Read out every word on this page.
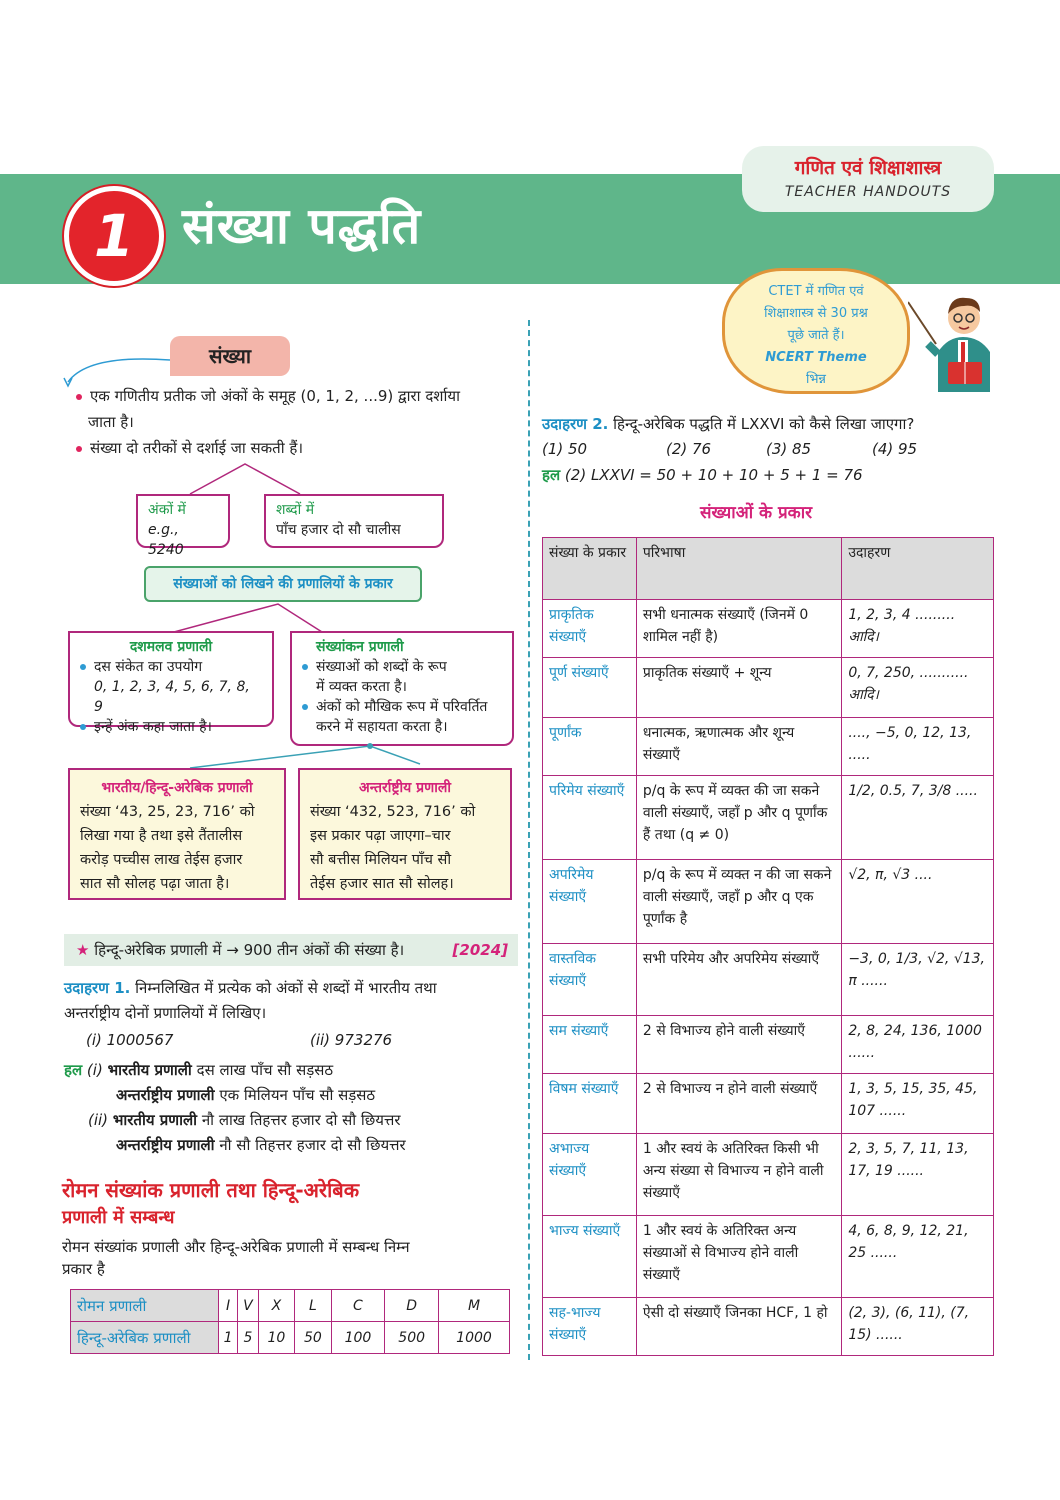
1 संख्या पद्धति
गणित एवं शिक्षाशास्त्र
TEACHER HANDOUTS
CTET में गणित एवं
शिक्षाशास्त्र से 30 प्रश्न
पूछे जाते हैं।
NCERT Theme
भिन्न
संख्या
एक गणितीय प्रतीक जो अंकों के समूह (0, 1, 2, ...9) द्वारा दर्शाया
जाता है।
संख्या दो तरीकों से दर्शाई जा सकती हैं।
अंकों में
e.g., 5240
शब्दों में
पाँच हजार दो सौ चालीस
संख्याओं को लिखने की प्रणालियों के प्रकार
दशमलव प्रणाली
दस संकेत का उपयोग
0, 1, 2, 3, 4, 5, 6, 7, 8, 9
इन्हें अंक कहा जाता है।
संख्यांकन प्रणाली
संख्याओं को शब्दों के रूप
में व्यक्त करता है।
अंकों को मौखिक रूप में परिवर्तित
करने में सहायता करता है।
भारतीय/हिन्दू-अरेबिक प्रणाली
संख्या ‘43, 25, 23, 716’ को
लिखा गया है तथा इसे तैंतालीस
करोड़ पच्चीस लाख तेईस हजार
सात सौ सोलह पढ़ा जाता है।
अन्तर्राष्ट्रीय प्रणाली
संख्या ‘432, 523, 716’ को
इस प्रकार पढ़ा जाएगा–चार
सौ बत्तीस मिलियन पाँच सौ
तेईस हजार सात सौ सोलह।
★ हिन्दू-अरेबिक प्रणाली में → 900 तीन अंकों की संख्या है।	[2024]
उदाहरण 1. निम्नलिखित में प्रत्येक को अंकों से शब्दों में भारतीय तथा
अन्तर्राष्ट्रीय दोनों प्रणालियों में लिखिए।
(i) 1000567	(ii) 973276
हल (i) भारतीय प्रणाली दस लाख पाँच सौ सड़सठ
अन्तर्राष्ट्रीय प्रणाली एक मिलियन पाँच सौ सड़सठ
(ii) भारतीय प्रणाली नौ लाख तिहत्तर हजार दो सौ छियत्तर
अन्तर्राष्ट्रीय प्रणाली नौ सौ तिहत्तर हजार दो सौ छियत्तर
रोमन संख्यांक प्रणाली तथा हिन्दू-अरेबिक
प्रणाली में सम्बन्ध
रोमन संख्यांक प्रणाली और हिन्दू-अरेबिक प्रणाली में सम्बन्ध निम्न
प्रकार है
रोमन प्रणाली	I	V	X	L	C	D	M
हिन्दू-अरेबिक प्रणाली	1	5	10	50	100	500	1000
उदाहरण 2. हिन्दू-अरेबिक पद्धति में LXXVI को कैसे लिखा जाएगा?
(1) 50	(2) 76	(3) 85	(4) 95
हल (2) LXXVI = 50 + 10 + 10 + 5 + 1 = 76
संख्याओं के प्रकार
संख्या के प्रकार	परिभाषा	उदाहरण
प्राकृतिक संख्याएँ	सभी धनात्मक संख्याएँ (जिनमें 0 शामिल नहीं है)	1, 2, 3, 4 ......... आदि।
पूर्ण संख्याएँ	प्राकृतिक संख्याएँ + शून्य	0, 7, 250, ........... आदि।
पूर्णांक	धनात्मक, ऋणात्मक और शून्य संख्याएँ	...., −5, 0, 12, 13, .....
परिमेय संख्याएँ	p/q के रूप में व्यक्त की जा सकने वाली संख्याएँ, जहाँ p और q पूर्णांक हैं तथा (q ≠ 0)	1/2, 0.5, 7, 3/8 .....
अपरिमेय संख्याएँ	p/q के रूप में व्यक्त न की जा सकने वाली संख्याएँ, जहाँ p और q एक पूर्णांक है	√2, π, √3 ....
वास्तविक संख्याएँ	सभी परिमेय और अपरिमेय संख्याएँ	−3, 0, 1/3, √2, √13, π ......
सम संख्याएँ	2 से विभाज्य होने वाली संख्याएँ	2, 8, 24, 136, 1000 ......
विषम संख्याएँ	2 से विभाज्य न होने वाली संख्याएँ	1, 3, 5, 15, 35, 45, 107 ......
अभाज्य संख्याएँ	1 और स्वयं के अतिरिक्त किसी भी अन्य संख्या से विभाज्य न होने वाली संख्याएँ	2, 3, 5, 7, 11, 13, 17, 19 ......
भाज्य संख्याएँ	1 और स्वयं के अतिरिक्त अन्य संख्याओं से विभाज्य होने वाली संख्याएँ	4, 6, 8, 9, 12, 21, 25 ......
सह-भाज्य संख्याएँ	ऐसी दो संख्याएँ जिनका HCF, 1 हो	(2, 3), (6, 11), (7, 15) ......
